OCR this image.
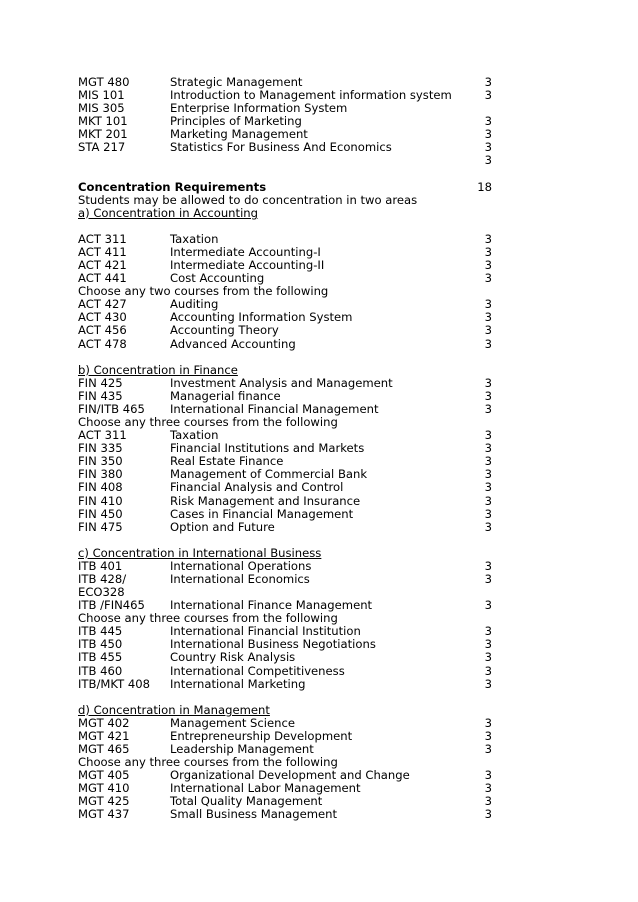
MGT 480	Strategic Management	3
MIS 101	Introduction to Management information system	3
MIS 305	Enterprise Information System
MKT 101	Principles of Marketing	3
MKT 201	Marketing Management	3
STA 217	Statistics For Business And Economics	3
3
Concentration Requirements	18
Students may be allowed to do concentration in two areas
a) Concentration in Accounting
ACT 311	Taxation	3
ACT 411	Intermediate Accounting-I	3
ACT 421	Intermediate Accounting-II	3
ACT 441	Cost Accounting	3
Choose any two courses from the following
ACT 427	Auditing	3
ACT 430	Accounting Information System	3
ACT 456	Accounting Theory	3
ACT 478	Advanced Accounting	3
b) Concentration in Finance
FIN 425	Investment Analysis and Management	3
FIN 435	Managerial finance	3
FIN/ITB 465 International Financial Management	3
Choose any three courses from the following
ACT 311	Taxation	3
FIN 335	Financial Institutions and Markets	3
FIN 350	Real Estate Finance	3
FIN 380	Management of Commercial Bank	3
FIN 408	Financial Analysis and Control	3
FIN 410	Risk Management and Insurance	3
FIN 450	Cases in Financial Management	3
FIN 475	Option and Future	3
c) Concentration in International Business
ITB 401	International Operations	3
ITB 428/	International Economics	3
ECO328
ITB /FIN465 International Finance Management	3
Choose any three courses from the following
ITB 445	International Financial Institution	3
ITB 450	International Business Negotiations	3
ITB 455	Country Risk Analysis	3
ITB 460	International Competitiveness	3
ITB/MKT 408 International Marketing	3
d) Concentration in Management
MGT 402	Management Science	3
MGT 421	Entrepreneurship Development	3
MGT 465	Leadership Management	3
Choose any three courses from the following
MGT 405	Organizational Development and Change	3
MGT 410	International Labor Management	3
MGT 425	Total Quality Management	3
MGT 437	Small Business Management	3
